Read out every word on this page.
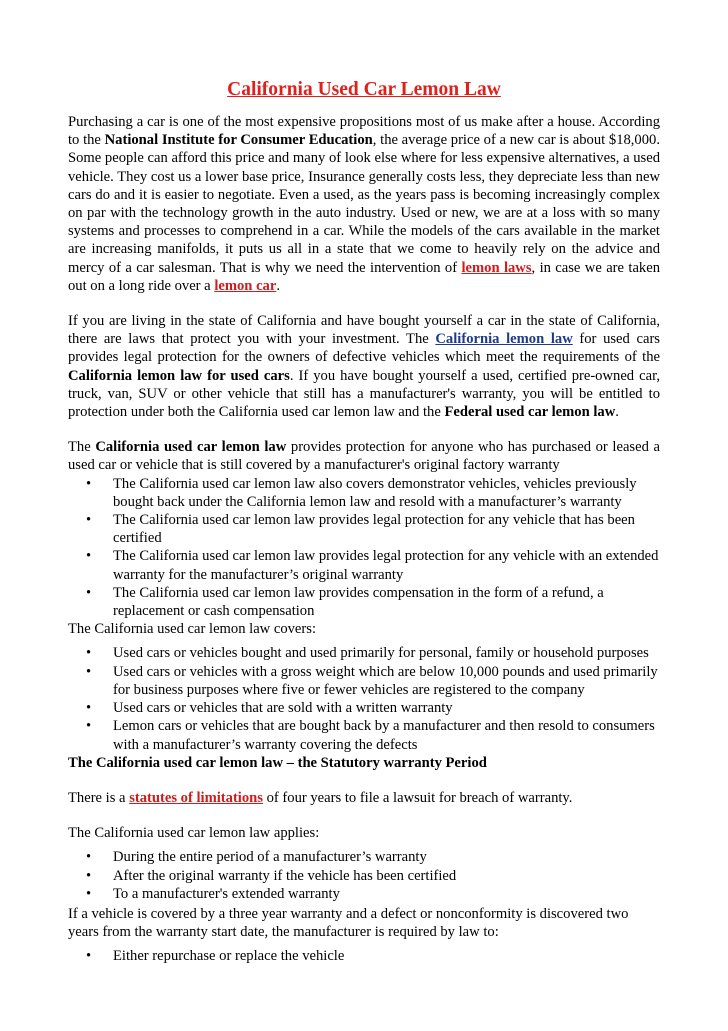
California Used Car Lemon Law

Purchasing a car is one of the most expensive propositions most of us make after a house. According to the National Institute for Consumer Education, the average price of a new car is about $18,000. Some people can afford this price and many of look else where for less expensive alternatives, a used vehicle. They cost us a lower base price, Insurance generally costs less, they depreciate less than new cars do and it is easier to negotiate. Even a used, as the years pass is becoming increasingly complex on par with the technology growth in the auto industry. Used or new, we are at a loss with so many systems and processes to comprehend in a car. While the models of the cars available in the market are increasing manifolds, it puts us all in a state that we come to heavily rely on the advice and mercy of a car salesman. That is why we need the intervention of lemon laws, in case we are taken out on a long ride over a lemon car.

If you are living in the state of California and have bought yourself a car in the state of California, there are laws that protect you with your investment. The California lemon law for used cars provides legal protection for the owners of defective vehicles which meet the requirements of the California lemon law for used cars. If you have bought yourself a used, certified pre-owned car, truck, van, SUV or other vehicle that still has a manufacturer's warranty, you will be entitled to protection under both the California used car lemon law and the Federal used car lemon law.

The California used car lemon law provides protection for anyone who has purchased or leased a used car or vehicle that is still covered by a manufacturer's original factory warranty

• The California used car lemon law also covers demonstrator vehicles, vehicles previously bought back under the California lemon law and resold with a manufacturer’s warranty
• The California used car lemon law provides legal protection for any vehicle that has been certified
• The California used car lemon law provides legal protection for any vehicle with an extended warranty for the manufacturer’s original warranty
• The California used car lemon law provides compensation in the form of a refund, a replacement or cash compensation

The California used car lemon law covers:

• Used cars or vehicles bought and used primarily for personal, family or household purposes
• Used cars or vehicles with a gross weight which are below 10,000 pounds and used primarily for business purposes where five or fewer vehicles are registered to the company
• Used cars or vehicles that are sold with a written warranty
• Lemon cars or vehicles that are bought back by a manufacturer and then resold to consumers with a manufacturer’s warranty covering the defects

The California used car lemon law – the Statutory warranty Period

There is a statutes of limitations of four years to file a lawsuit for breach of warranty.

The California used car lemon law applies:

• During the entire period of a manufacturer’s warranty
• After the original warranty if the vehicle has been certified
• To a manufacturer's extended warranty

If a vehicle is covered by a three year warranty and a defect or nonconformity is discovered two years from the warranty start date, the manufacturer is required by law to:

• Either repurchase or replace the vehicle
